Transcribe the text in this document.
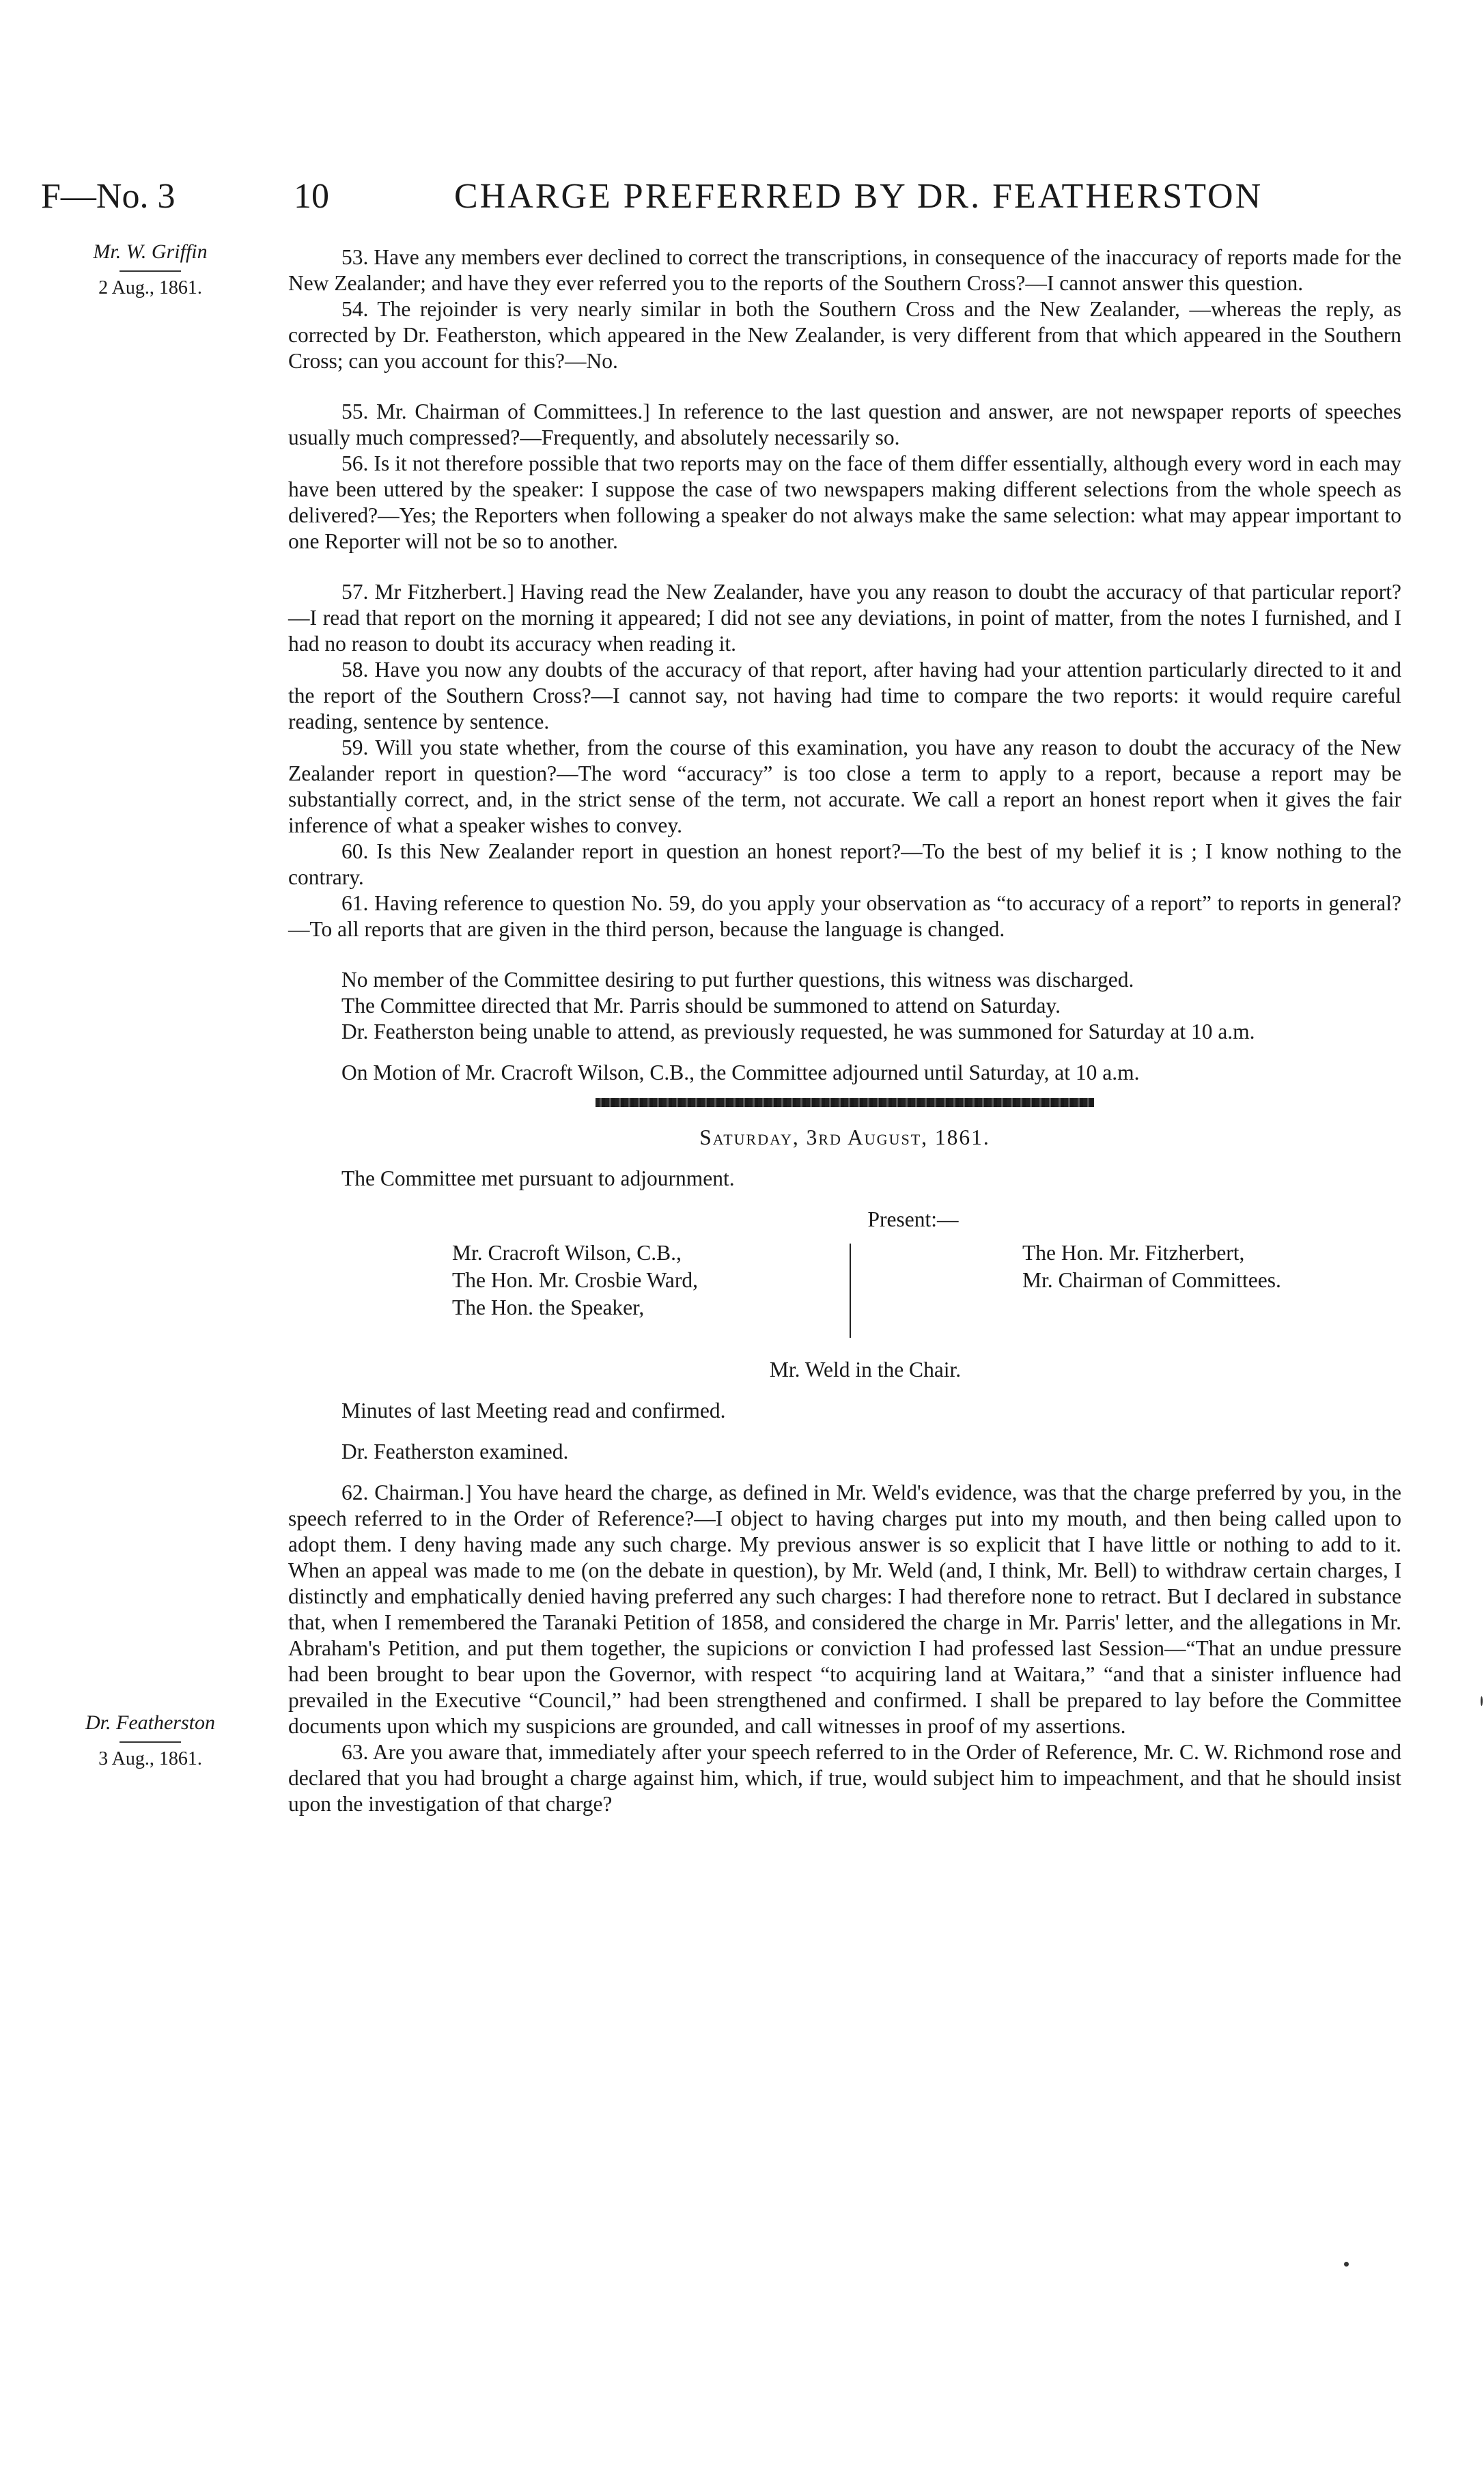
F—No. 3	10	CHARGE PREFERRED BY DR. FEATHERSTON
Mr. W. Griffin
2 Aug., 1861.
Dr. Featherston
3 Aug., 1861.

53. Have any members ever declined to correct the transcriptions, in consequence of the inaccuracy of reports made for the New Zealander; and have they ever referred you to the reports of the Southern Cross?—I cannot answer this question.

54. The rejoinder is very nearly similar in both the Southern Cross and the New Zealander, —whereas the reply, as corrected by Dr. Featherston, which appeared in the New Zealander, is very different from that which appeared in the Southern Cross; can you account for this?—No.

55. Mr. Chairman of Committees.] In reference to the last question and answer, are not newspaper reports of speeches usually much compressed?—Frequently, and absolutely necessarily so.

56. Is it not therefore possible that two reports may on the face of them differ essentially, although every word in each may have been uttered by the speaker: I suppose the case of two newspapers making different selections from the whole speech as delivered?—Yes; the Reporters when following a speaker do not always make the same selection: what may appear important to one Reporter will not be so to another.

57. Mr Fitzherbert.] Having read the New Zealander, have you any reason to doubt the accuracy of that particular report?—I read that report on the morning it appeared; I did not see any deviations, in point of matter, from the notes I furnished, and I had no reason to doubt its accuracy when reading it.

58. Have you now any doubts of the accuracy of that report, after having had your attention particularly directed to it and the report of the Southern Cross?—I cannot say, not having had time to compare the two reports: it would require careful reading, sentence by sentence.

59. Will you state whether, from the course of this examination, you have any reason to doubt the accuracy of the New Zealander report in question?—The word “accuracy” is too close a term to apply to a report, because a report may be substantially correct, and, in the strict sense of the term, not accurate. We call a report an honest report when it gives the fair inference of what a speaker wishes to convey.

60. Is this New Zealander report in question an honest report?—To the best of my belief it is ; I know nothing to the contrary.

61. Having reference to question No. 59, do you apply your observation as “to accuracy of a report” to reports in general?—To all reports that are given in the third person, because the language is changed.

No member of the Committee desiring to put further questions, this witness was discharged.

The Committee directed that Mr. Parris should be summoned to attend on Saturday.

Dr. Featherston being unable to attend, as previously requested, he was summoned for Saturday at 10 a.m.

On Motion of Mr. Cracroft Wilson, C.B., the Committee adjourned until Saturday, at 10 a.m.

Saturday, 3rd August, 1861.

The Committee met pursuant to adjournment.

Present:—

Mr. Cracroft Wilson, C.B.,
The Hon. Mr. Crosbie Ward,
The Hon. the Speaker,
The Hon. Mr. Fitzherbert,
Mr. Chairman of Committees.

Mr. Weld in the Chair.

Minutes of last Meeting read and confirmed.

Dr. Featherston examined.

62. Chairman.] You have heard the charge, as defined in Mr. Weld's evidence, was that the charge preferred by you, in the speech referred to in the Order of Reference?—I object to having charges put into my mouth, and then being called upon to adopt them. I deny having made any such charge. My previous answer is so explicit that I have little or nothing to add to it. When an appeal was made to me (on the debate in question), by Mr. Weld (and, I think, Mr. Bell) to withdraw certain charges, I distinctly and emphatically denied having preferred any such charges: I had therefore none to retract. But I declared in substance that, when I remembered the Taranaki Petition of 1858, and considered the charge in Mr. Parris' letter, and the allegations in Mr. Abraham's Petition, and put them together, the supicions or conviction I had professed last Session—“That an undue pressure had been brought to bear upon the Governor, with respect “to acquiring land at Waitara,” “and that a sinister influence had prevailed in the Executive “Council,” had been strengthened and confirmed. I shall be prepared to lay before the Committee documents upon which my suspicions are grounded, and call witnesses in proof of my assertions.

63. Are you aware that, immediately after your speech referred to in the Order of Reference, Mr. C. W. Richmond rose and declared that you had brought a charge against him, which, if true, would subject him to impeachment, and that he should insist upon the investigation of that charge?
